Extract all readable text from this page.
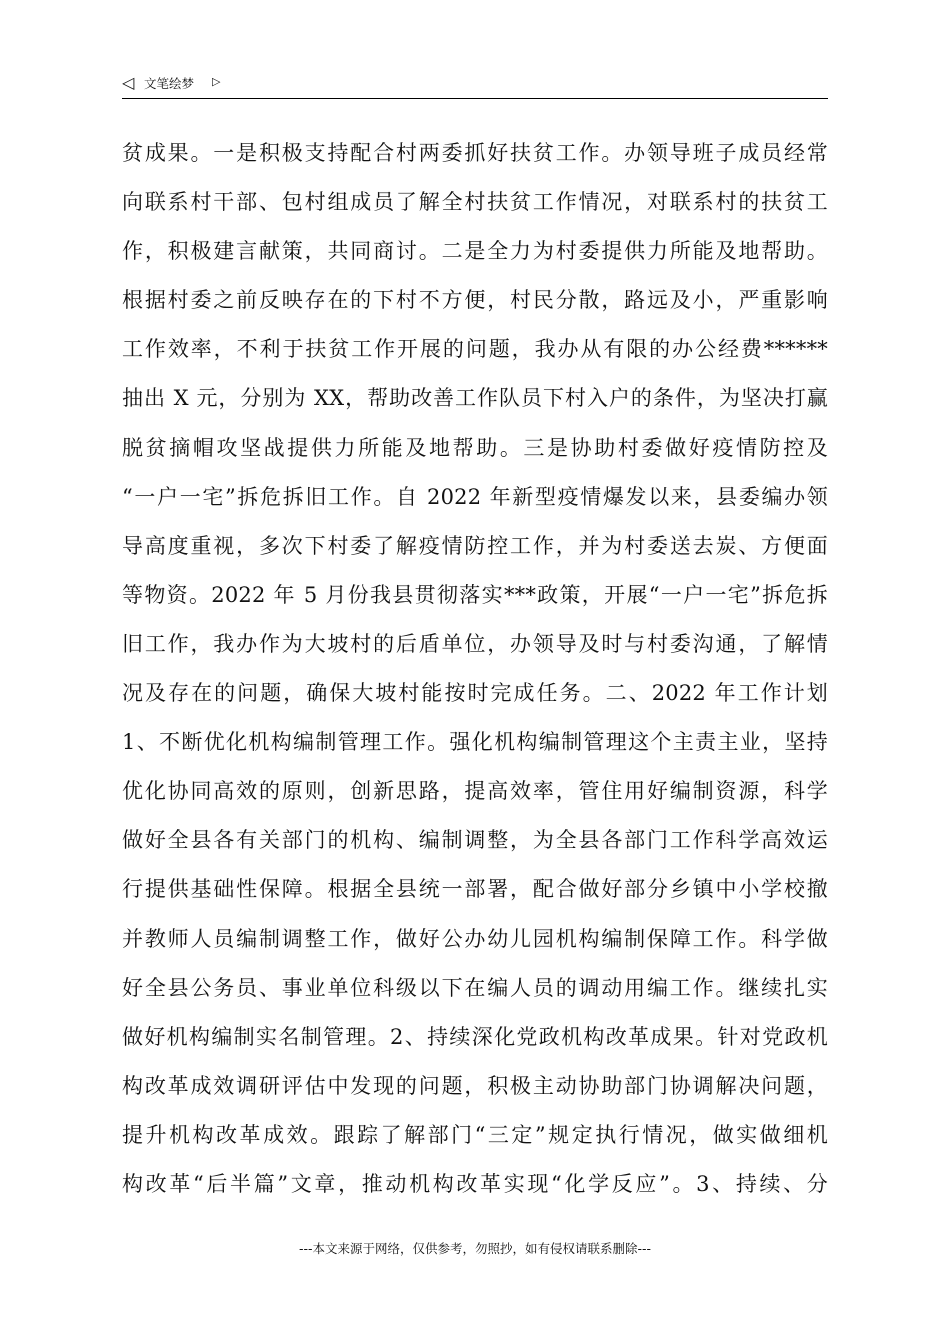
◁ 文笔绘梦 ▷
贫成果。一是积极支持配合村两委抓好扶贫工作。办领导班子成员经常
向联系村干部、包村组成员了解全村扶贫工作情况，对联系村的扶贫工
作，积极建言献策，共同商讨。二是全力为村委提供力所能及地帮助。
根据村委之前反映存在的下村不方便，村民分散，路远及小，严重影响
工作效率，不利于扶贫工作开展的问题，我办从有限的办公经费******
抽出 X 元，分别为 XX，帮助改善工作队员下村入户的条件，为坚决打赢
脱贫摘帽攻坚战提供力所能及地帮助。三是协助村委做好疫情防控及
“一户一宅”拆危拆旧工作。自 2022 年新型疫情爆发以来，县委编办领
导高度重视，多次下村委了解疫情防控工作，并为村委送去炭、方便面
等物资。2022 年 5 月份我县贯彻落实***政策，开展“一户一宅”拆危拆
旧工作，我办作为大坡村的后盾单位，办领导及时与村委沟通，了解情
况及存在的问题，确保大坡村能按时完成任务。二、2022 年工作计划
1、不断优化机构编制管理工作。强化机构编制管理这个主责主业，坚持
优化协同高效的原则，创新思路，提高效率，管住用好编制资源，科学
做好全县各有关部门的机构、编制调整，为全县各部门工作科学高效运
行提供基础性保障。根据全县统一部署，配合做好部分乡镇中小学校撤
并教师人员编制调整工作，做好公办幼儿园机构编制保障工作。科学做
好全县公务员、事业单位科级以下在编人员的调动用编工作。继续扎实
做好机构编制实名制管理。2、持续深化党政机构改革成果。针对党政机
构改革成效调研评估中发现的问题，积极主动协助部门协调解决问题，
提升机构改革成效。跟踪了解部门“三定”规定执行情况，做实做细机
构改革“后半篇”文章，推动机构改革实现“化学反应”。3、持续、分
---本文来源于网络，仅供参考，勿照抄，如有侵权请联系删除---
